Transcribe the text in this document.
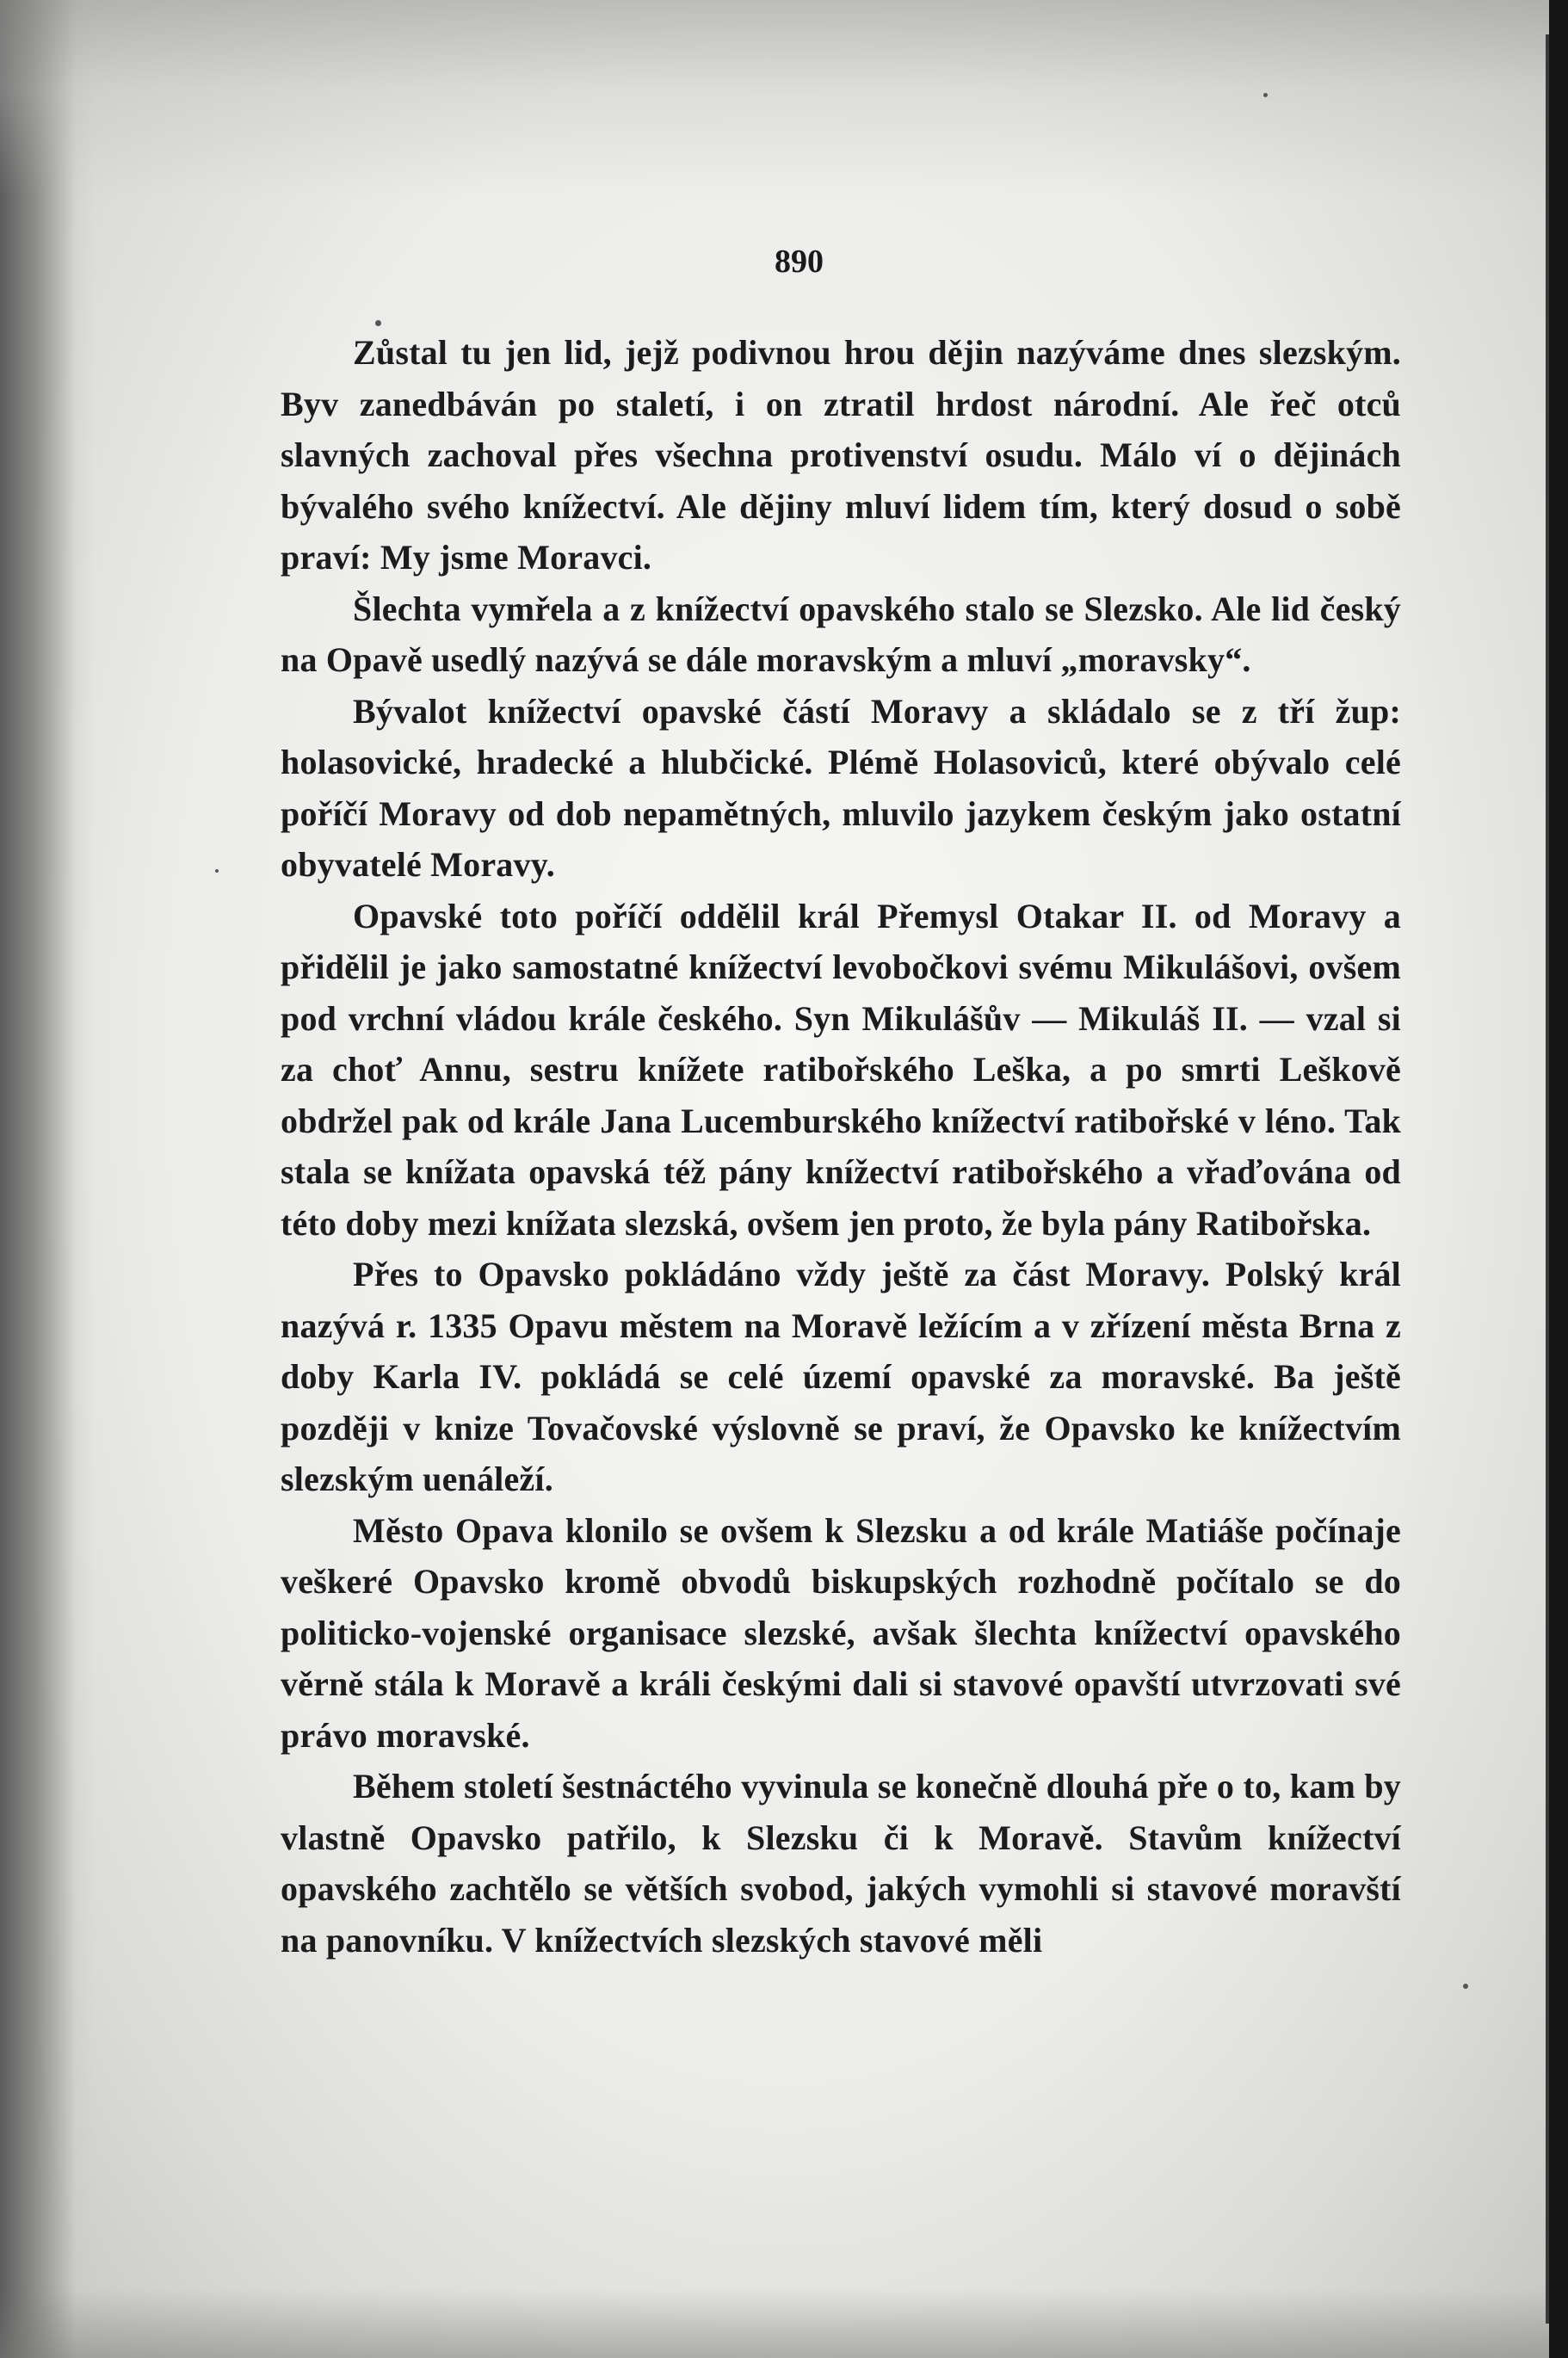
890

Zůstal tu jen lid, jejž podivnou hrou dějin nazýváme dnes slezským. Byv zanedbáván po staletí, i on ztratil hrdost národní. Ale řeč otců slavných zachoval přes všechna protivenství osudu. Málo ví o dějinách bývalého svého knížectví. Ale dějiny mluví lidem tím, který dosud o sobě praví: My jsme Moravci.

Šlechta vymřela a z knížectví opavského stalo se Slezsko. Ale lid český na Opavě usedlý nazývá se dále moravským a mluví „moravsky“.

Bývalot knížectví opavské částí Moravy a skládalo se z tří žup: holasovické, hradecké a hlubčické. Plémě Holasoviců, které obývalo celé poříčí Moravy od dob nepamětných, mluvilo jazykem českým jako ostatní obyvatelé Moravy.

Opavské toto poříčí oddělil král Přemysl Otakar II. od Moravy a přidělil je jako samostatné knížectví levobočkovi svému Mikulášovi, ovšem pod vrchní vládou krále českého. Syn Mikulášův — Mikuláš II. — vzal si za choť Annu, sestru knížete ratibořského Leška, a po smrti Leškově obdržel pak od krále Jana Lucemburského knížectví ratibořské v léno. Tak stala se knížata opavská též pány knížectví ratibořského a vřaďována od této doby mezi knížata slezská, ovšem jen proto, že byla pány Ratibořska.

Přes to Opavsko pokládáno vždy ještě za část Moravy. Polský král nazývá r. 1335 Opavu městem na Moravě ležícím a v zřízení města Brna z doby Karla IV. pokládá se celé území opavské za moravské. Ba ještě později v knize Tovačovské výslovně se praví, že Opavsko ke knížectvím slezským uenáleží.

Město Opava klonilo se ovšem k Slezsku a od krále Matiáše počínaje veškeré Opavsko kromě obvodů biskupských rozhodně počítalo se do politicko-vojenské organisace slezské, avšak šlechta knížectví opavského věrně stála k Moravě a králi českými dali si stavové opavští utvrzovati své právo moravské.

Během století šestnáctého vyvinula se konečně dlouhá pře o to, kam by vlastně Opavsko patřilo, k Slezsku či k Moravě. Stavům knížectví opavského zachtělo se větších svobod, jakých vymohli si stavové moravští na panovníku. V knížectvích slezských stavové měli
